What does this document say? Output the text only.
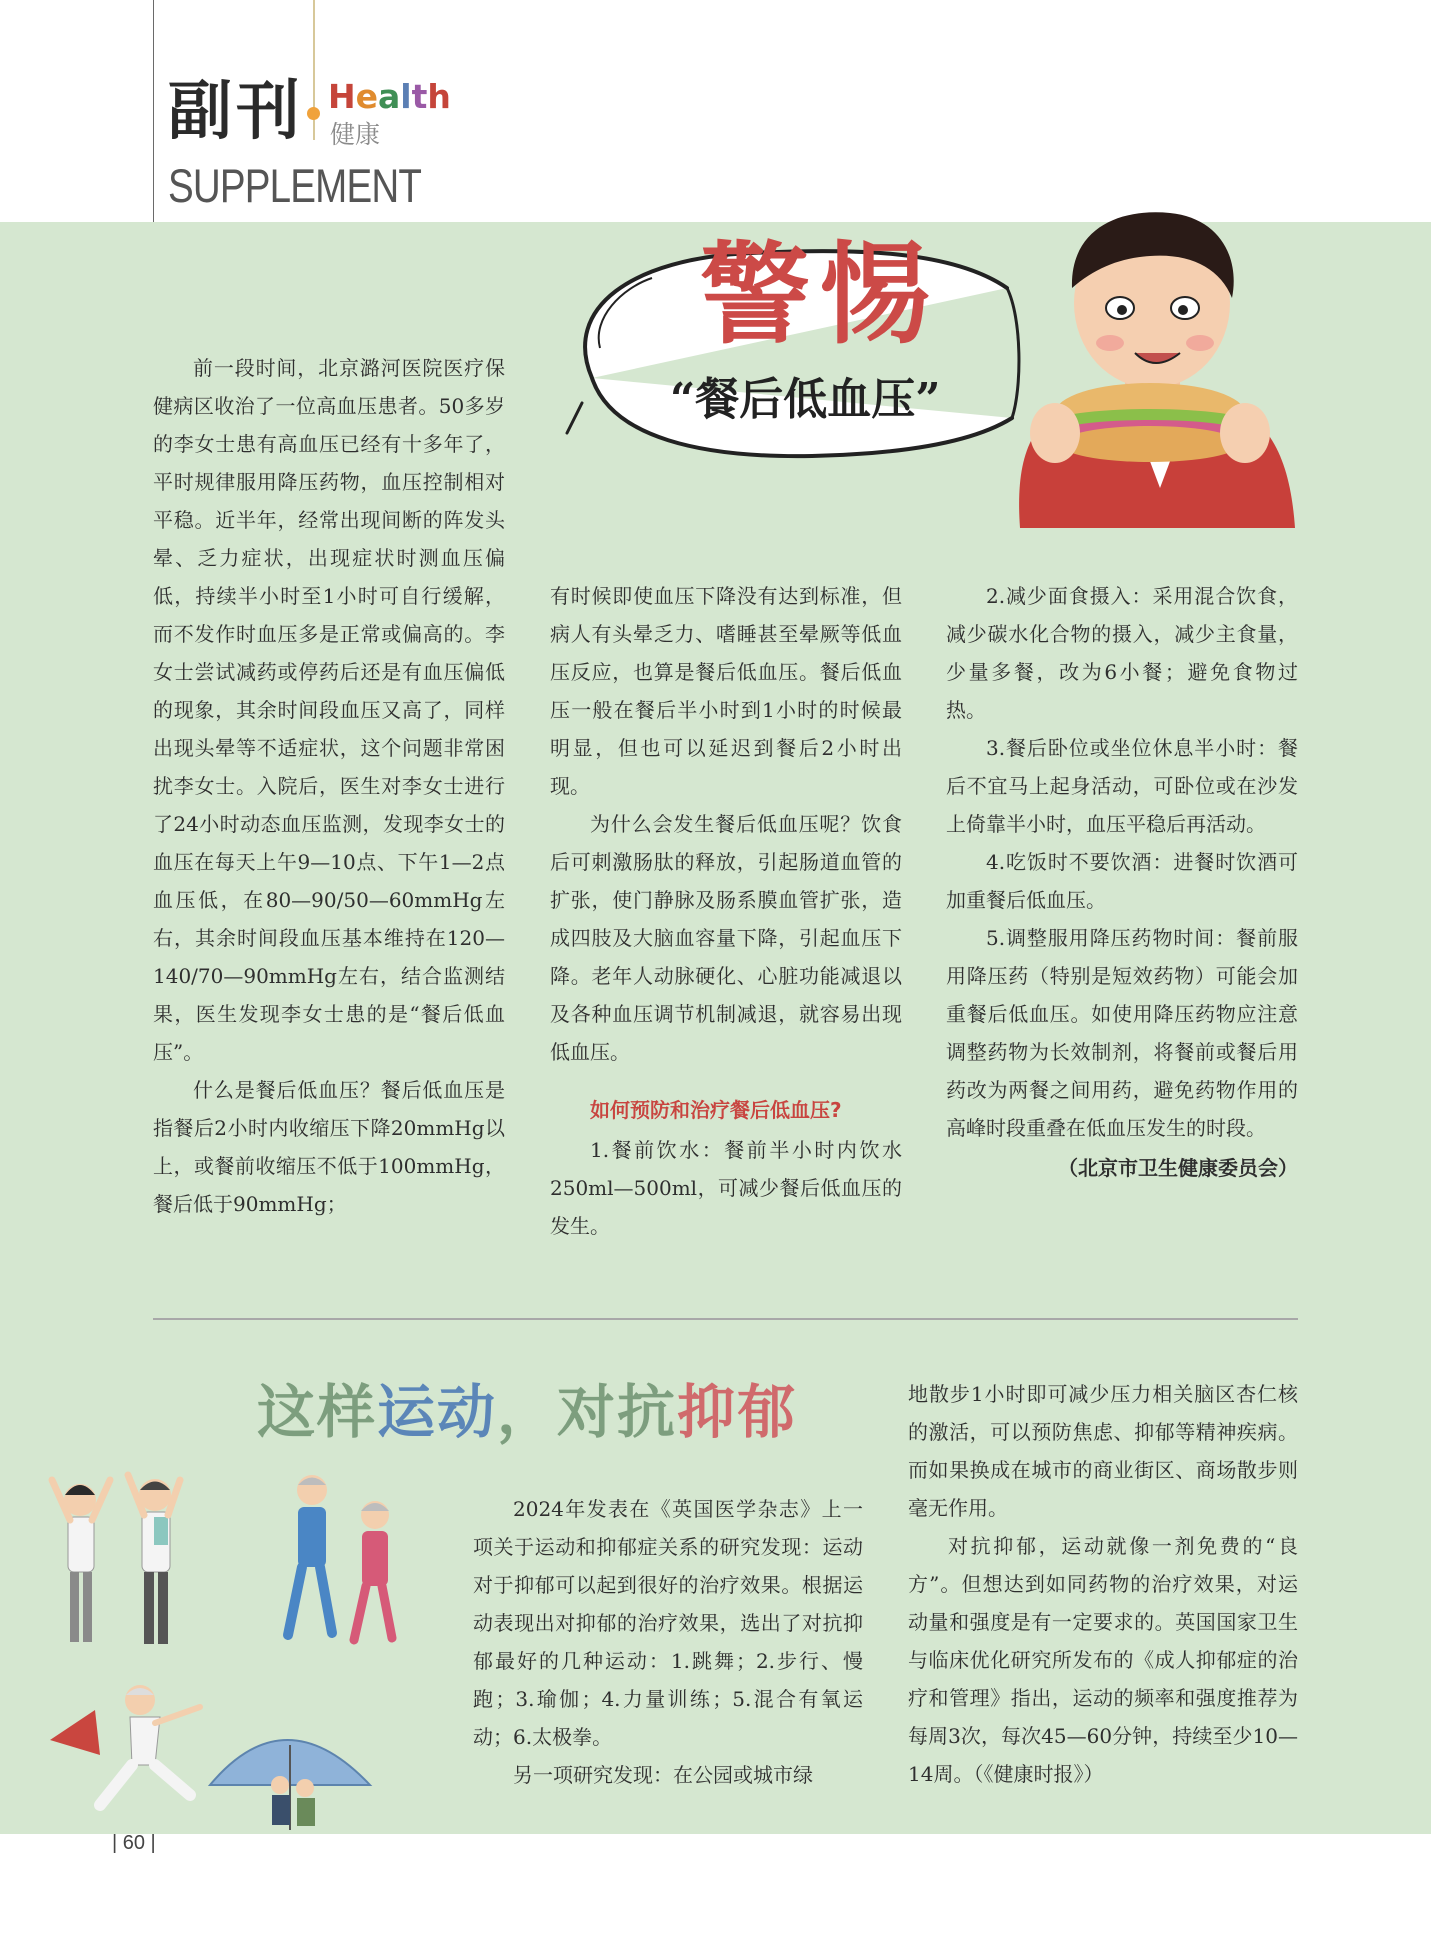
副刊 Health
健康
SUPPLEMENT
警惕
“餐后低血压”

前一段时间，北京潞河医院医疗保健病区收治了一位高血压患者。50多岁的李女士患有高血压已经有十多年了，平时规律服用降压药物，血压控制相对平稳。近半年，经常出现间断的阵发头晕、乏力症状，出现症状时测血压偏低，持续半小时至1小时可自行缓解，而不发作时血压多是正常或偏高的。李女士尝试减药或停药后还是有血压偏低的现象，其余时间段血压又高了，同样出现头晕等不适症状，这个问题非常困扰李女士。入院后，医生对李女士进行了24小时动态血压监测，发现李女士的血压在每天上午9—10点、下午1—2点血压低，在80—90/50—60mmHg左右，其余时间段血压基本维持在120—140/70—90mmHg左右，结合监测结果，医生发现李女士患的是“餐后低血压”。

什么是餐后低血压？餐后低血压是指餐后2小时内收缩压下降20mmHg以上，或餐前收缩压不低于100mmHg，餐后低于90mmHg；

有时候即使血压下降没有达到标准，但病人有头晕乏力、嗜睡甚至晕厥等低血压反应，也算是餐后低血压。餐后低血压一般在餐后半小时到1小时的时候最明显，但也可以延迟到餐后2小时出现。

为什么会发生餐后低血压呢？饮食后可刺激肠肽的释放，引起肠道血管的扩张，使门静脉及肠系膜血管扩张，造成四肢及大脑血容量下降，引起血压下降。老年人动脉硬化、心脏功能减退以及各种血压调节机制减退，就容易出现低血压。

如何预防和治疗餐后低血压?

1.餐前饮水：餐前半小时内饮水250ml—500ml，可减少餐后低血压的发生。

2.减少面食摄入：采用混合饮食，减少碳水化合物的摄入，减少主食量，少量多餐，改为6小餐；避免食物过热。

3.餐后卧位或坐位休息半小时：餐后不宜马上起身活动，可卧位或在沙发上倚靠半小时，血压平稳后再活动。

4.吃饭时不要饮酒：进餐时饮酒可加重餐后低血压。

5.调整服用降压药物时间：餐前服用降压药（特别是短效药物）可能会加重餐后低血压。如使用降压药物应注意调整药物为长效制剂，将餐前或餐后用药改为两餐之间用药，避免药物作用的高峰时段重叠在低血压发生的时段。

（北京市卫生健康委员会）

这样运动，对抗抑郁

2024年发表在《英国医学杂志》上一项关于运动和抑郁症关系的研究发现：运动对于抑郁可以起到很好的治疗效果。根据运动表现出对抑郁的治疗效果，选出了对抗抑郁最好的几种运动：1.跳舞；2.步行、慢跑；3.瑜伽；4.力量训练；5.混合有氧运动；6.太极拳。

另一项研究发现：在公园或城市绿

地散步1小时即可减少压力相关脑区杏仁核的激活，可以预防焦虑、抑郁等精神疾病。而如果换成在城市的商业街区、商场散步则毫无作用。

对抗抑郁，运动就像一剂免费的“良方”。但想达到如同药物的治疗效果，对运动量和强度是有一定要求的。英国国家卫生与临床优化研究所发布的《成人抑郁症的治疗和管理》指出，运动的频率和强度推荐为每周3次，每次45—60分钟，持续至少10—14周。（《健康时报》）

| 60 |
